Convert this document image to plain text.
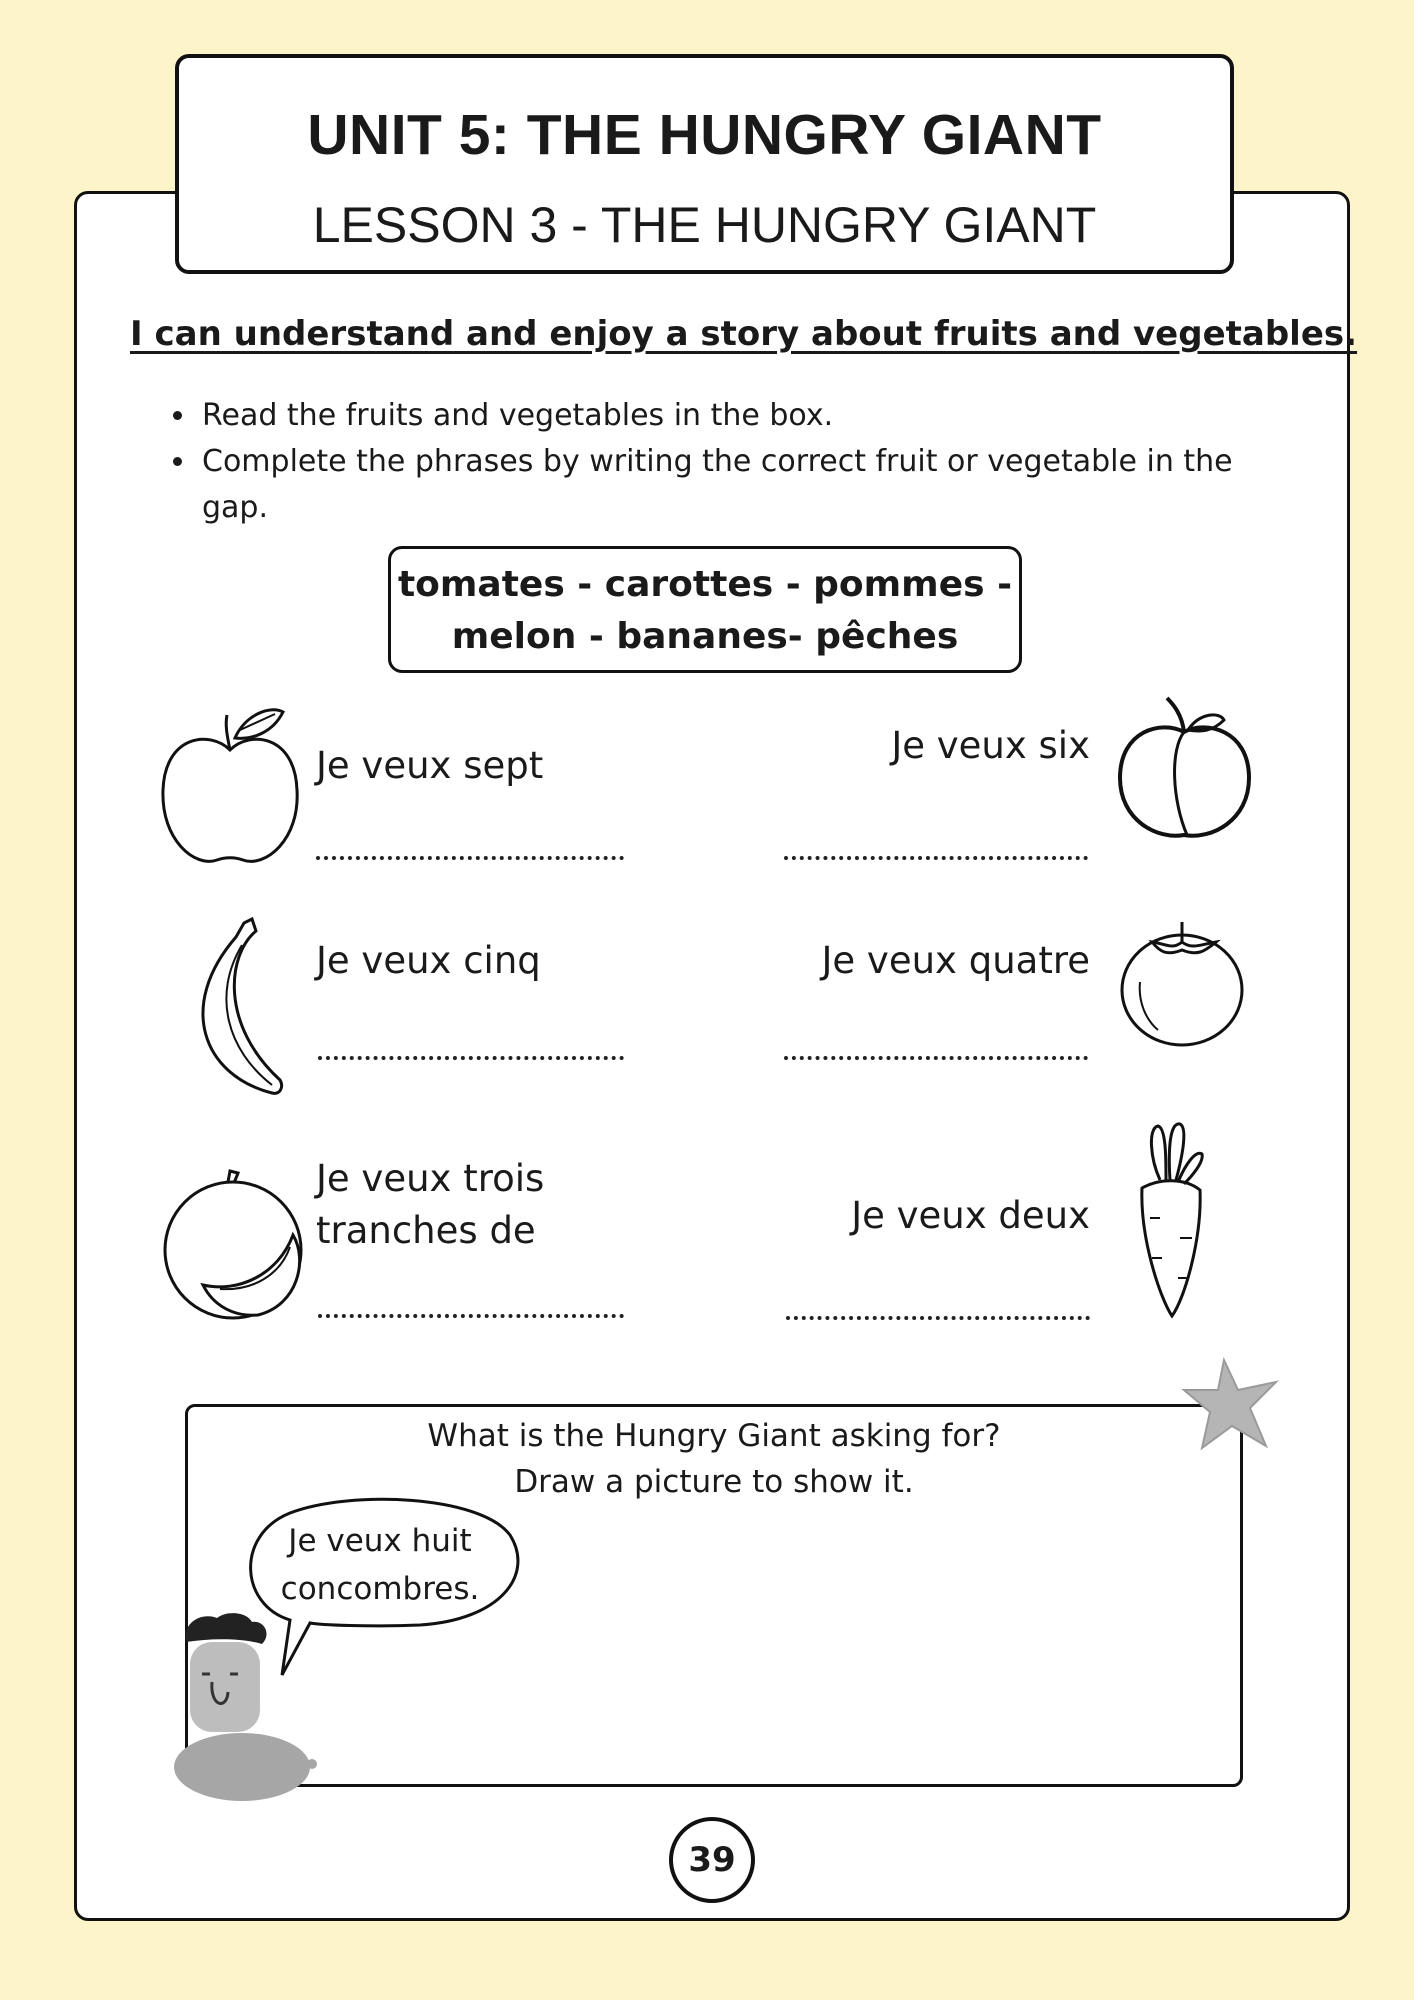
UNIT 5: THE HUNGRY GIANT
LESSON 3 - THE HUNGRY GIANT
I can understand and enjoy a story about fruits and vegetables.
• Read the fruits and vegetables in the box.
• Complete the phrases by writing the correct fruit or vegetable in the gap.
tomates - carottes - pommes -
melon - bananes- pêches
Je veux sept	Je veux six
Je veux cinq	Je veux quatre
Je veux trois
tranches de	Je veux deux
What is the Hungry Giant asking for?
Draw a picture to show it.
Je veux huit
concombres.
39
